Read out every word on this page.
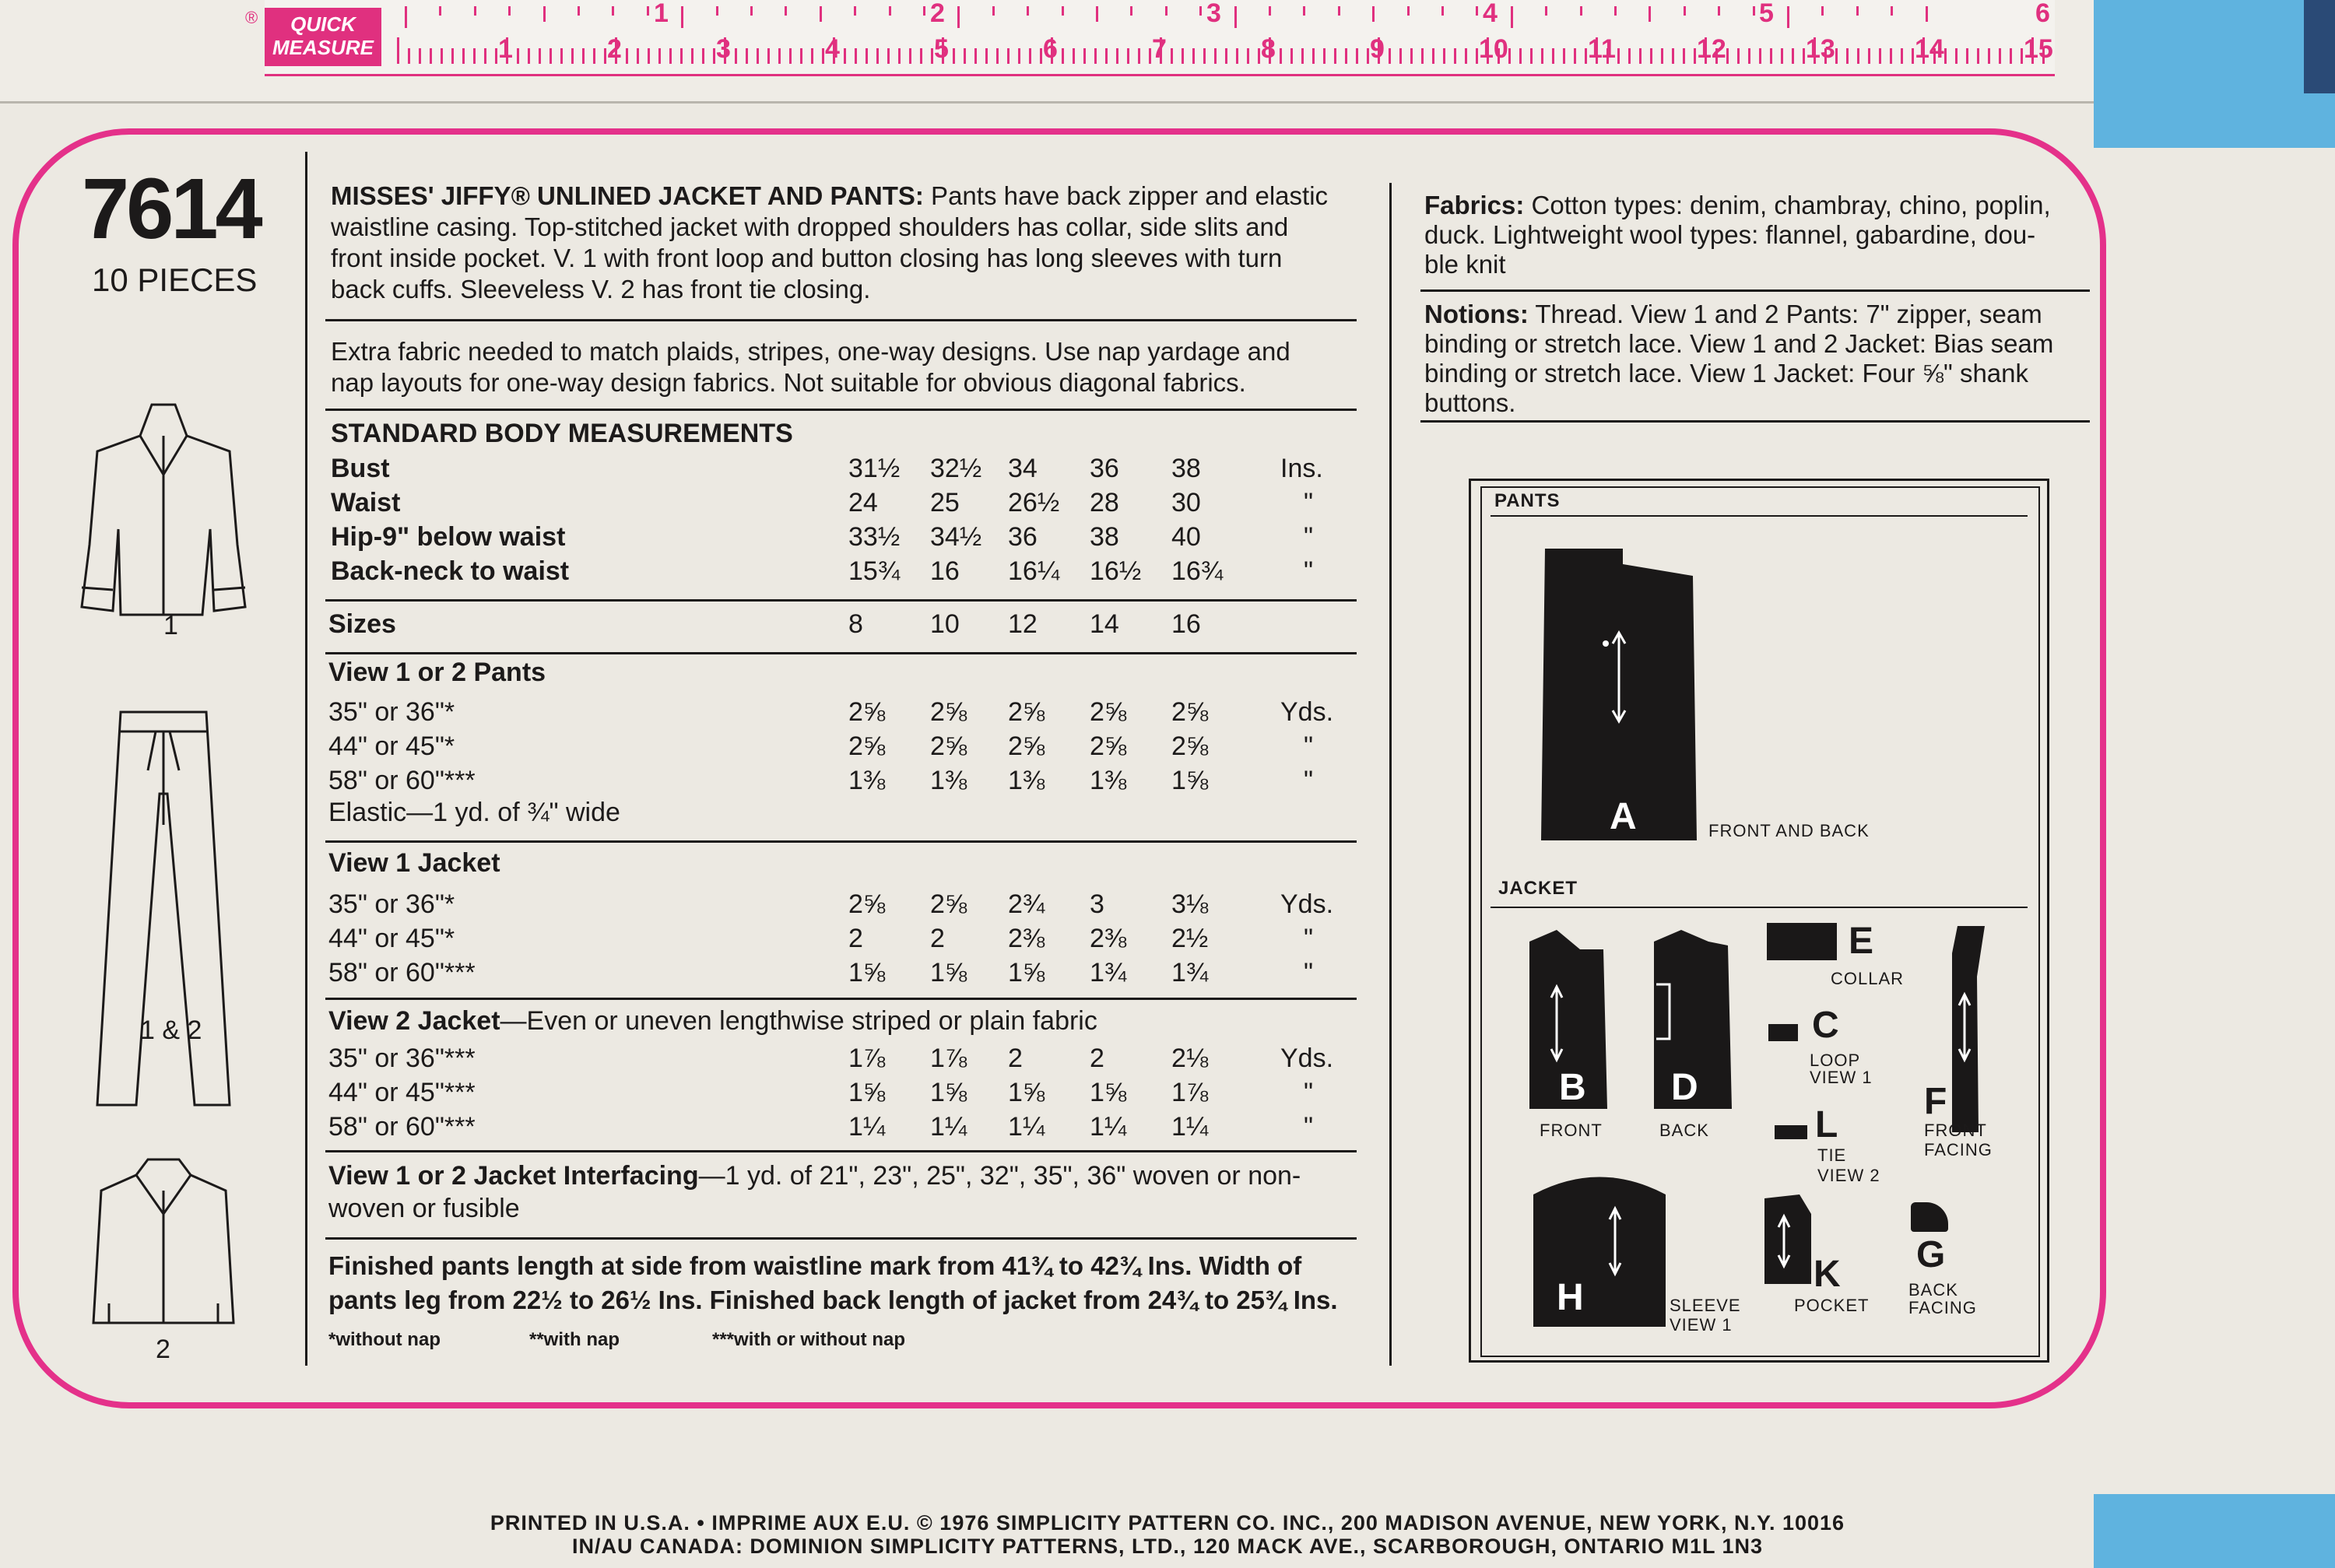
®	QUICK MEASURE
1	2	3	4	5	6
1	2	3	4	5	6	7	8	9	10	11	12	13	14	15
7614
10 PIECES
1
1 & 2
2
MISSES' JIFFY® UNLINED JACKET AND PANTS: Pants have back zipper and elastic
waistline casing. Top-stitched jacket with dropped shoulders has collar, side slits and
front inside pocket. V. 1 with front loop and button closing has long sleeves with turn
back cuffs. Sleeveless V. 2 has front tie closing.
Extra fabric needed to match plaids, stripes, one-way designs. Use nap yardage and
nap layouts for one-way design fabrics. Not suitable for obvious diagonal fabrics.
STANDARD BODY MEASUREMENTS
Bust	31½ 32½ 34 36 38	Ins.
Waist	24 25 26½ 28 30	"
Hip-9" below waist	33½ 34½ 36 38 40	"
Back-neck to waist	15¾ 16 16¼ 16½ 16¾	"
Sizes	8	10 12 14 16
View 1 or 2 Pants
35" or 36"*	2⅝ 2⅝ 2⅝ 2⅝ 2⅝	Yds.
44" or 45"*	2⅝ 2⅝ 2⅝ 2⅝ 2⅝	"
58" or 60"***	1⅜ 1⅜ 1⅜ 1⅜ 1⅝	"
Elastic—1 yd. of ¾" wide
View 1 Jacket
35" or 36"*	2⅝ 2⅝ 2¾ 3	3⅛	Yds.
44" or 45"*	2	2 2⅜ 2⅜ 2½	"
58" or 60"***	1⅝ 1⅝ 1⅝ 1¾ 1¾	"
View 2 Jacket—Even or uneven lengthwise striped or plain fabric
35" or 36"***	1⅞ 1⅞ 2	2	2⅛	Yds.
44" or 45"***	1⅝ 1⅝ 1⅝ 1⅝ 1⅞	"
58" or 60"***	1¼ 1¼ 1¼ 1¼ 1¼	"
View 1 or 2 Jacket Interfacing—1 yd. of 21", 23", 25", 32", 35", 36" woven or non-
woven or fusible
Finished pants length at side from waistline mark from 41¾ to 42¾ Ins. Width of
pants leg from 22½ to 26½ Ins. Finished back length of jacket from 24¾ to 25¾ Ins.
*without nap	**with nap	***with or without nap
Fabrics: Cotton types: denim, chambray, chino, poplin,
duck. Lightweight wool types: flannel, gabardine, dou-
ble knit
Notions: Thread. View 1 and 2 Pants: 7" zipper, seam
binding or stretch lace. View 1 and 2 Jacket: Bias seam
binding or stretch lace. View 1 Jacket: Four ⅝" shank
buttons.
PANTS
A	FRONT AND BACK
JACKET
B
FRONT
D
BACK
E
COLLAR
C
LOOP
VIEW 1
L
TIE
VIEW 2
F
FRONT
FACING
H	SLEEVE
VIEW 1
K
POCKET
G
BACK
FACING
PRINTED IN U.S.A. • IMPRIME AUX E.U. © 1976 SIMPLICITY PATTERN CO. INC., 200 MADISON AVENUE, NEW YORK, N.Y. 10016
IN/AU CANADA: DOMINION SIMPLICITY PATTERNS, LTD., 120 MACK AVE., SCARBOROUGH, ONTARIO M1L 1N3
